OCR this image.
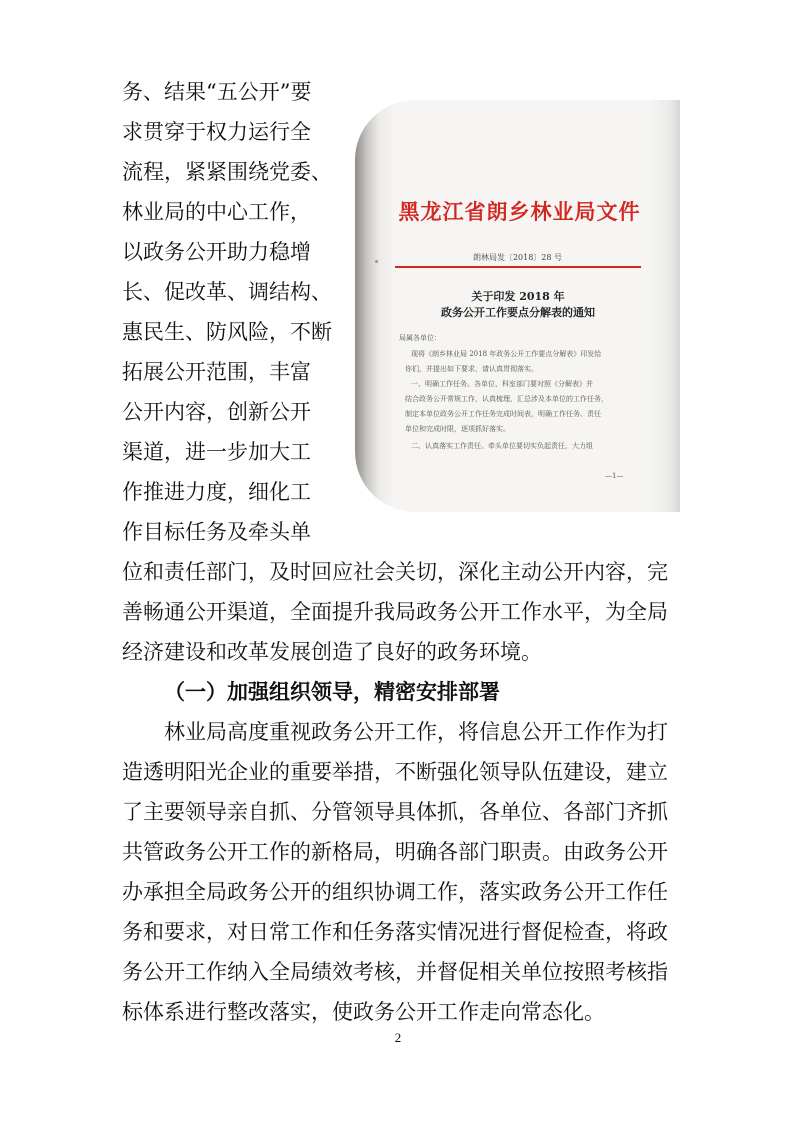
务、结果“五公开”要
求贯穿于权力运行全
流程，紧紧围绕党委、
林业局的中心工作，
以政务公开助力稳增
长、促改革、调结构、
惠民生、防风险，不断
拓展公开范围，丰富
公开内容，创新公开
渠道，进一步加大工
作推进力度，细化工
作目标任务及牵头单
黑龙江省朗乡林业局文件
朗林局发〔2018〕28 号
关于印发 2018 年
政务公开工作要点分解表的通知
局属各单位：
现将《朗乡林业局 2018 年政务公开工作要点分解表》印发给
你们，并提出如下要求，请认真贯彻落实。
一、明确工作任务。各单位、科室部门要对照《分解表》并
结合政务公开常规工作，认真梳理，汇总涉及本单位的工作任务，
制定本单位政务公开工作任务完成时间表，明确工作任务、责任
单位和完成时限，逐项抓好落实。
二、认真落实工作责任。牵头单位要切实负起责任，大力组
—1—
位和责任部门，及时回应社会关切，深化主动公开内容，完
善畅通公开渠道，全面提升我局政务公开工作水平，为全局
经济建设和改革发展创造了良好的政务环境。
（一）加强组织领导，精密安排部署
林业局高度重视政务公开工作，将信息公开工作作为打
造透明阳光企业的重要举措，不断强化领导队伍建设，建立
了主要领导亲自抓、分管领导具体抓，各单位、各部门齐抓
共管政务公开工作的新格局，明确各部门职责。由政务公开
办承担全局政务公开的组织协调工作，落实政务公开工作任
务和要求，对日常工作和任务落实情况进行督促检查，将政
务公开工作纳入全局绩效考核，并督促相关单位按照考核指
标体系进行整改落实，使政务公开工作走向常态化。
2
